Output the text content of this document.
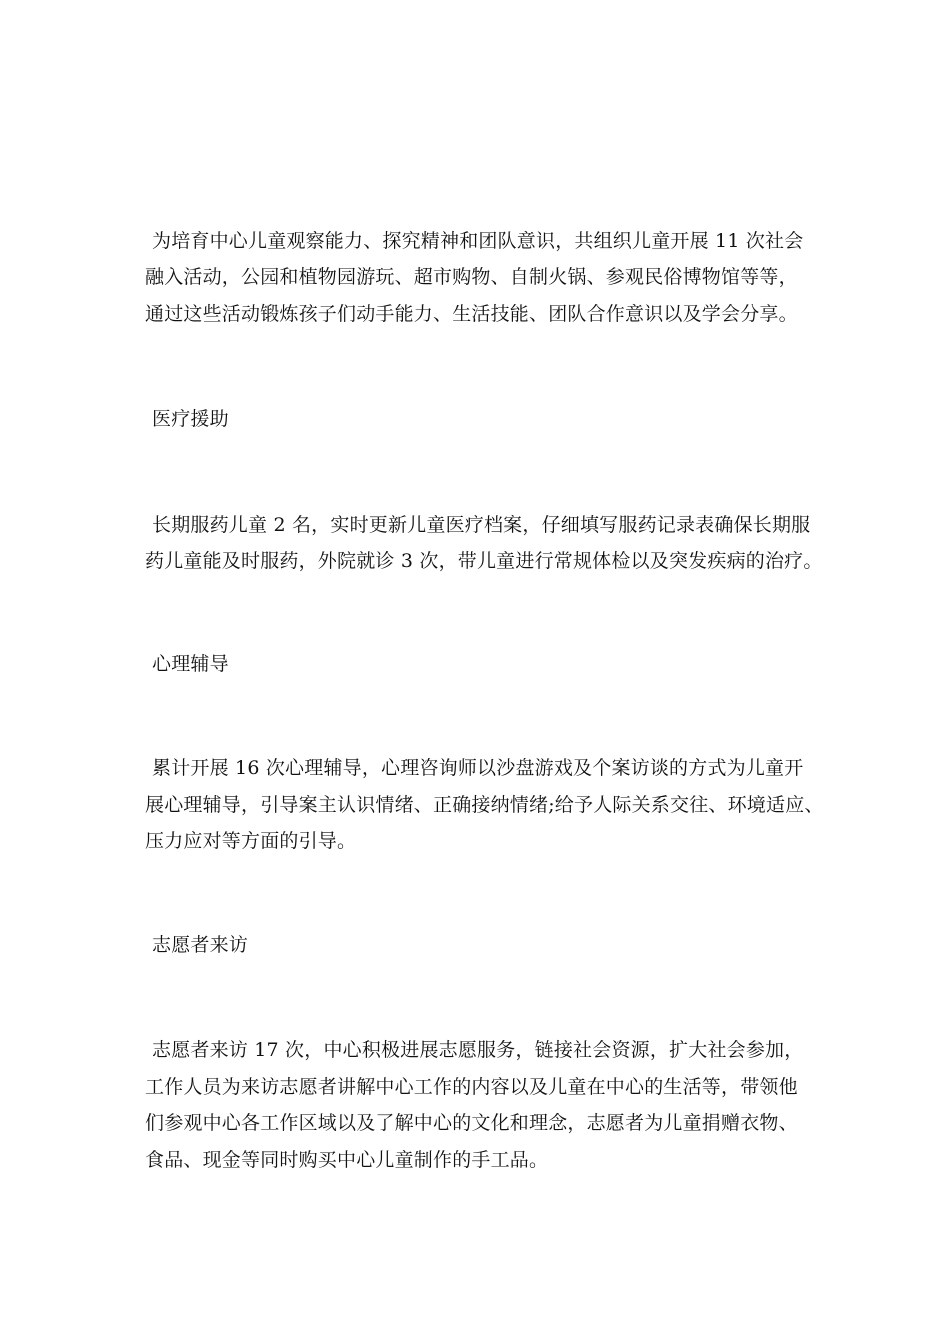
为培育中心儿童观察能力、探究精神和团队意识，共组织儿童开展 11 次社会
融入活动，公园和植物园游玩、超市购物、自制火锅、参观民俗博物馆等等，
通过这些活动锻炼孩子们动手能力、生活技能、团队合作意识以及学会分享。
医疗援助
长期服药儿童 2 名，实时更新儿童医疗档案，仔细填写服药记录表确保长期服
药儿童能及时服药，外院就诊 3 次，带儿童进行常规体检以及突发疾病的治疗。
心理辅导
累计开展 16 次心理辅导，心理咨询师以沙盘游戏及个案访谈的方式为儿童开
展心理辅导，引导案主认识情绪、正确接纳情绪;给予人际关系交往、环境适应、
压力应对等方面的引导。
志愿者来访
志愿者来访 17 次，中心积极进展志愿服务，链接社会资源，扩大社会参加，
工作人员为来访志愿者讲解中心工作的内容以及儿童在中心的生活等，带领他
们参观中心各工作区域以及了解中心的文化和理念，志愿者为儿童捐赠衣物、
食品、现金等同时购买中心儿童制作的手工品。
